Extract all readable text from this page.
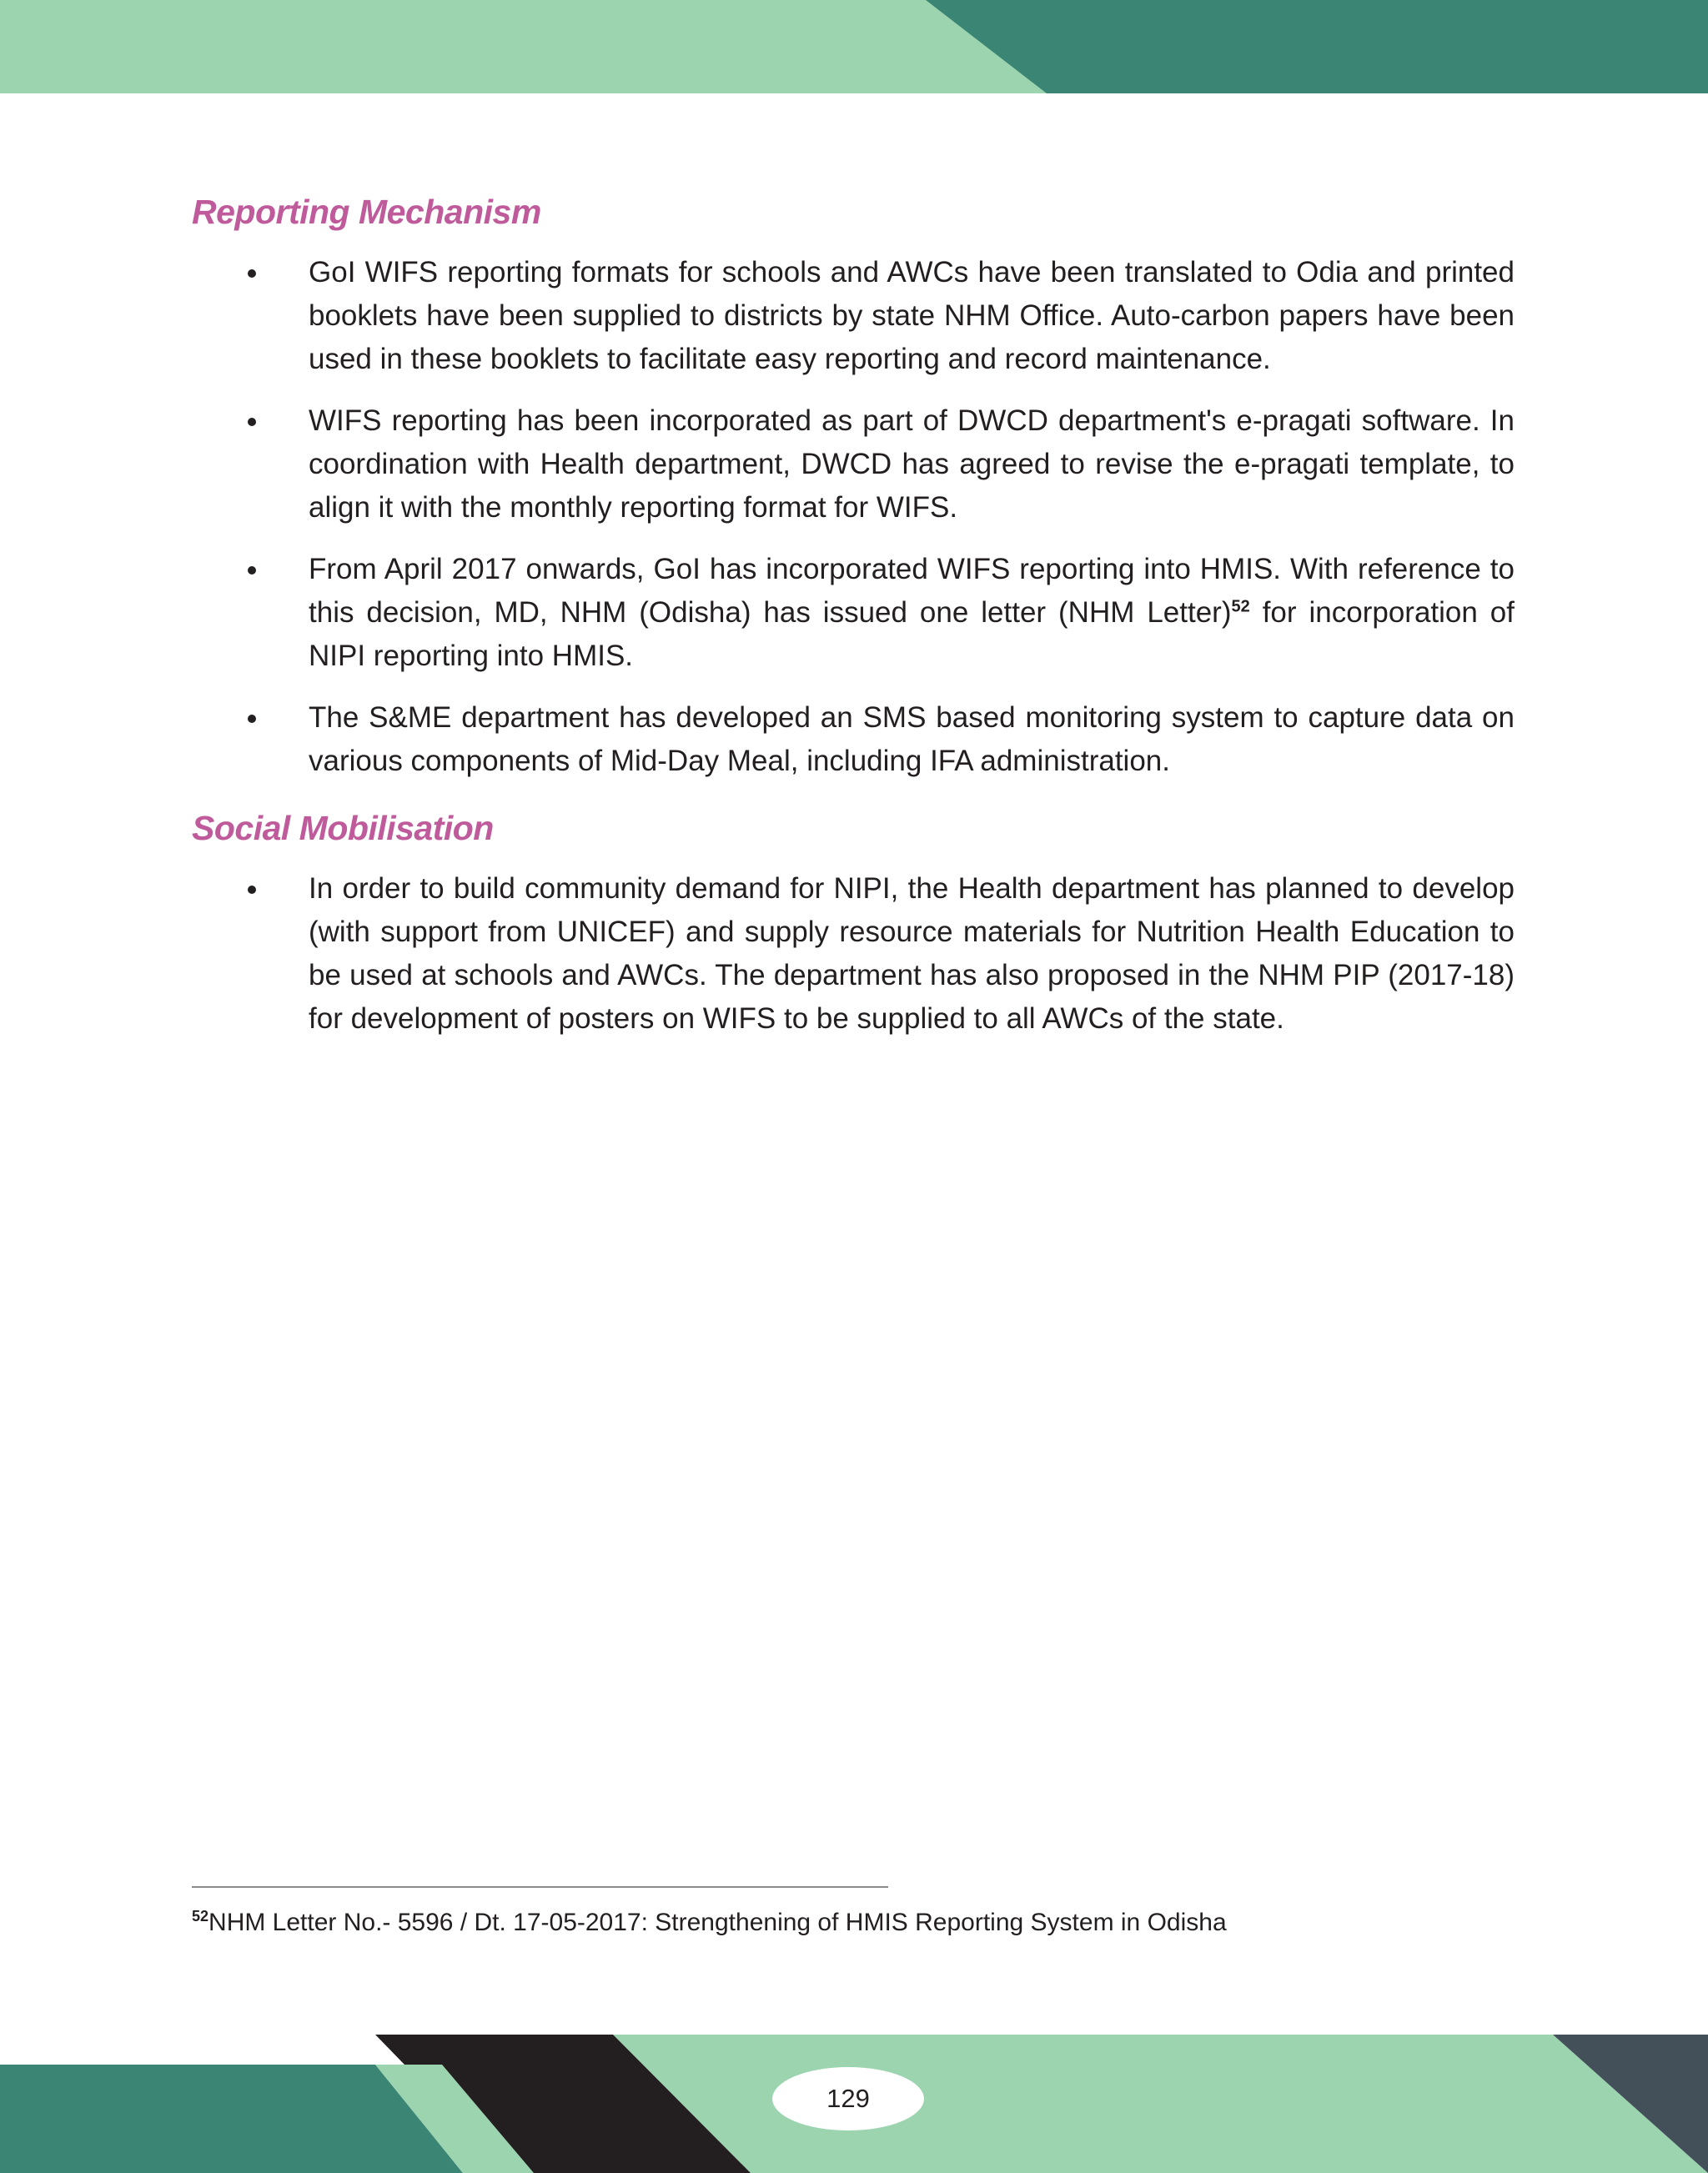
Reporting Mechanism
GoI WIFS reporting formats for schools and AWCs have been translated to Odia and printed booklets have been supplied to districts by state NHM Office. Auto-carbon papers have been used in these booklets to facilitate easy reporting and record maintenance.
WIFS reporting has been incorporated as part of DWCD department's e-pragati software. In coordination with Health department, DWCD has agreed to revise the e-pragati template, to align it with the monthly reporting format for WIFS.
From April 2017 onwards, GoI has incorporated WIFS reporting into HMIS. With reference to this decision, MD, NHM (Odisha) has issued one letter (NHM Letter)$^{52}$ for incorporation of NIPI reporting into HMIS.
The S&ME department has developed an SMS based monitoring system to capture data on various components of Mid-Day Meal, including IFA administration.
Social Mobilisation
In order to build community demand for NIPI, the Health department has planned to develop (with support from UNICEF) and supply resource materials for Nutrition Health Education to be used at schools and AWCs. The department has also proposed in the NHM PIP (2017-18) for development of posters on WIFS to be supplied to all AWCs of the state.
$^{52}$NHM Letter No.- 5596 / Dt. 17-05-2017: Strengthening of HMIS Reporting System in Odisha
129
